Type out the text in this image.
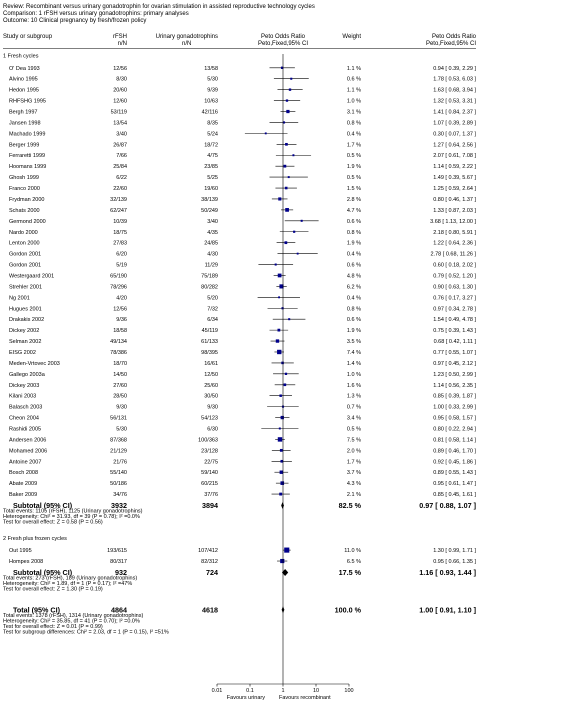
Review: Recombinant versus urinary gonadotrophin for ovarian stimulation in assisted reproductive technology cycles
Comparison: 1 rFSH versus urinary gonadotrophins: primary analyses
Outcome: 10 Clinical pregnancy by fresh/frozen policy
Study or subgroup	rFSH
n/N
Urinary gonadotrophins
n/N
Peto Odds Ratio
Peto,Fixed,95% CI
Weight	Peto Odds Ratio
Peto,Fixed,95% CI
1 Fresh cycles
O' Dea 1993	12/56	13/58	1.1 %	0.94 [ 0.39, 2.29 ]
Alvino 1995	8/30	5/30	0.6 %	1.78 [ 0.53, 6.03 ]
Hedon 1995	20/60	9/39	1.1 %	1.63 [ 0.68, 3.94 ]
RHFSHG 1995	12/60	10/63	1.0 %	1.32 [ 0.53, 3.31 ]
Bergh 1997	53/119	42/116	3.1 %	1.41 [ 0.84, 2.37 ]
Jansen 1998	13/54	8/35	0.8 %	1.07 [ 0.39, 2.89 ]
Machado 1999	3/40	5/24	0.4 %	0.30 [ 0.07, 1.37 ]
Berger 1999	26/87	18/72	1.7 %	1.27 [ 0.64, 2.56 ]
Ferraretti 1999	7/66	4/75	0.5 %	2.07 [ 0.61, 7.08 ]
Hoomans 1999	25/84	23/85	1.9 %	1.14 [ 0.59, 2.22 ]
Ghosh 1999	6/22	5/25	0.5 %	1.49 [ 0.39, 5.67 ]
Franco 2000	22/60	19/60	1.5 %	1.25 [ 0.59, 2.64 ]
Frydman 2000	32/139	38/139	2.8 %	0.80 [ 0.46, 1.37 ]
Schats 2000	62/247	50/249	4.7 %	1.33 [ 0.87, 2.03 ]
Germond 2000	10/39	3/40	0.6 %	3.68 [ 1.13, 12.00 ]
Nardo 2000	18/75	4/35	0.8 %	2.18 [ 0.80, 5.91 ]
Lenton 2000	27/83	24/85	1.9 %	1.22 [ 0.64, 2.36 ]
Gordon 2001	6/20	4/30	0.4 %	2.78 [ 0.68, 11.26 ]
Gordon 2001	5/19	11/29	0.6 %	0.60 [ 0.18, 2.02 ]
Westergaard 2001	65/190	75/189	4.8 %	0.79 [ 0.52, 1.20 ]
Strehler 2001	78/296	80/282	6.2 %	0.90 [ 0.63, 1.30 ]
Ng 2001	4/20	5/20	0.4 %	0.76 [ 0.17, 3.27 ]
Hugues 2001	12/56	7/32	0.8 %	0.97 [ 0.34, 2.78 ]
Drakakis 2002	9/36	6/34	0.6 %	1.54 [ 0.49, 4.78 ]
Dickey 2002	18/58	45/119	1.9 %	0.75 [ 0.39, 1.43 ]
Selman 2002	49/134	61/133	3.5 %	0.68 [ 0.42, 1.11 ]
EISG 2002	78/386	98/395	7.4 %	0.77 [ 0.55, 1.07 ]
Meden-Vrtovec 2003	18/70	16/61	1.4 %	0.97 [ 0.45, 2.12 ]
Gallego 2003a	14/50	12/50	1.0 %	1.23 [ 0.50, 2.99 ]
Dickey 2003	27/60	25/60	1.6 %	1.14 [ 0.56, 2.35 ]
Kilani 2003	28/50	30/50	1.3 %	0.85 [ 0.39, 1.87 ]
Balasch 2003	9/30	9/30	0.7 %	1.00 [ 0.33, 2.99 ]
Cheon 2004	56/131	54/123	3.4 %	0.95 [ 0.58, 1.57 ]
Rashidi 2005	5/30	6/30	0.5 %	0.80 [ 0.22, 2.94 ]
Andersen 2006	87/368	100/363	7.5 %	0.81 [ 0.58, 1.14 ]
Mohamed 2006	21/129	23/128	2.0 %	0.89 [ 0.46, 1.70 ]
Antoine 2007	21/76	22/75	1.7 %	0.92 [ 0.45, 1.86 ]
Bosch 2008	55/140	59/140	3.7 %	0.89 [ 0.55, 1.43 ]
Abate 2009	50/186	60/215	4.3 %	0.95 [ 0.61, 1.47 ]
Baker 2009	34/76	37/76	2.1 %	0.85 [ 0.45, 1.61 ]
Subtotal (95% CI)	3932	3894	82.5 %	0.97 [ 0.88, 1.07 ]
Total events: 1105 (rFSH), 1125 (Urinary gonadotrophins)
Heterogeneity: Chi² = 31.93, df = 39 (P = 0.78); I² =0.0%
Test for overall effect: Z = 0.58 (P = 0.56)
2 Fresh plus frozen cycles
Out 1995	193/615	107/412	11.0 %	1.30 [ 0.99, 1.71 ]
Hompes 2008	80/317	82/312	6.5 %	0.95 [ 0.66, 1.35 ]
Subtotal (95% CI)	932	724	17.5 %	1.16 [ 0.93, 1.44 ]
Total events: 273 (rFSH), 189 (Urinary gonadotrophins)
Heterogeneity: Chi² = 1.89, df = 1 (P = 0.17); I² =47%
Test for overall effect: Z = 1.30 (P = 0.19)
Total (95% CI)	4864	4618	100.0 %	1.00 [ 0.91, 1.10 ]
Total events: 1378 (rFSH), 1314 (Urinary gonadotrophins)
Heterogeneity: Chi² = 35.85, df = 41 (P = 0.70); I² =0.0%
Test for overall effect: Z = 0.01 (P = 0.99)
Test for subgroup differences: Chi² = 2.03, df = 1 (P = 0.15), I² =51%
0.01	0.1	1	10	100
Favours urinary	Favours recombinant
